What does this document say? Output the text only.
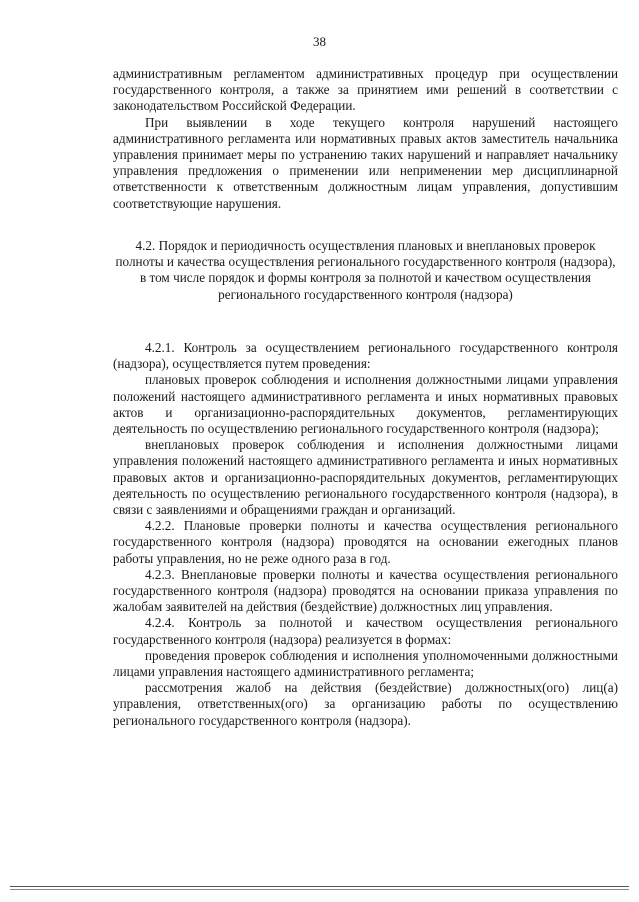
38

административным регламентом административных процедур при осуществлении государственного контроля, а также за принятием ими решений в соответствии с законодательством Российской Федерации.

При выявлении в ходе текущего контроля нарушений настоящего административного регламента или нормативных правых актов заместитель начальника управления принимает меры по устранению таких нарушений и направляет начальнику управления предложения о применении или неприменении мер дисциплинарной ответственности к ответственным должностным лицам управления, допустившим соответствующие нарушения.

4.2. Порядок и периодичность осуществления плановых и внеплановых проверок полноты и качества осуществления регионального государственного контроля (надзора), в том числе порядок и формы контроля за полнотой и качеством осуществления регионального государственного контроля (надзора)

4.2.1. Контроль за осуществлением регионального государственного контроля (надзора), осуществляется путем проведения:

плановых проверок соблюдения и исполнения должностными лицами управления положений настоящего административного регламента и иных нормативных правовых актов и организационно-распорядительных документов, регламентирующих деятельность по осуществлению регионального государственного контроля (надзора);

внеплановых проверок соблюдения и исполнения должностными лицами управления положений настоящего административного регламента и иных нормативных правовых актов и организационно-распорядительных документов, регламентирующих деятельность по осуществлению регионального государственного контроля (надзора), в связи с заявлениями и обращениями граждан и организаций.

4.2.2. Плановые проверки полноты и качества осуществления регионального государственного контроля (надзора) проводятся на основании ежегодных планов работы управления, но не реже одного раза в год.

4.2.3. Внеплановые проверки полноты и качества осуществления регионального государственного контроля (надзора) проводятся на основании приказа управления по жалобам заявителей на действия (бездействие) должностных лиц управления.

4.2.4. Контроль за полнотой и качеством осуществления регионального государственного контроля (надзора) реализуется в формах:

проведения проверок соблюдения и исполнения уполномоченными должностными лицами управления настоящего административного регламента;

рассмотрения жалоб на действия (бездействие) должностных(ого) лиц(а) управления, ответственных(ого) за организацию работы по осуществлению регионального государственного контроля (надзора).
